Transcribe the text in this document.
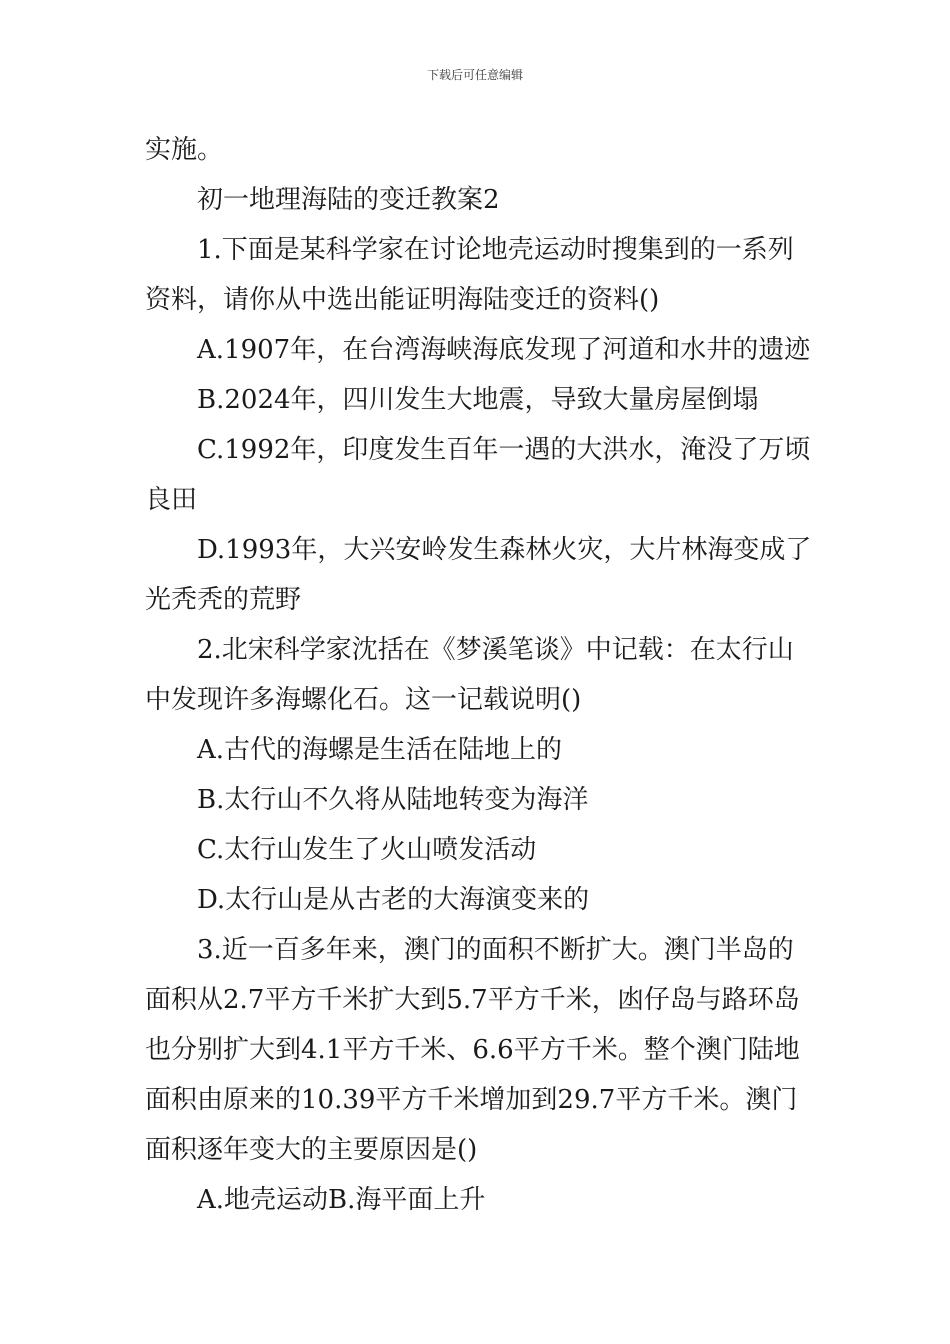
下载后可任意编辑

实施。

初一地理海陆的变迁教案2

1.下面是某科学家在讨论地壳运动时搜集到的一系列资料，请你从中选出能证明海陆变迁的资料()

A.1907年，在台湾海峡海底发现了河道和水井的遗迹

B.2024年，四川发生大地震，导致大量房屋倒塌

C.1992年，印度发生百年一遇的大洪水，淹没了万顷良田

D.1993年，大兴安岭发生森林火灾，大片林海变成了光秃秃的荒野

2.北宋科学家沈括在《梦溪笔谈》中记载：在太行山中发现许多海螺化石。这一记载说明()

A.古代的海螺是生活在陆地上的

B.太行山不久将从陆地转变为海洋

C.太行山发生了火山喷发活动

D.太行山是从古老的大海演变来的

3.近一百多年来，澳门的面积不断扩大。澳门半岛的面积从2.7平方千米扩大到5.7平方千米，凼仔岛与路环岛也分别扩大到4.1平方千米、6.6平方千米。整个澳门陆地面积由原来的10.39平方千米增加到29.7平方千米。澳门面积逐年变大的主要原因是()

A.地壳运动B.海平面上升
